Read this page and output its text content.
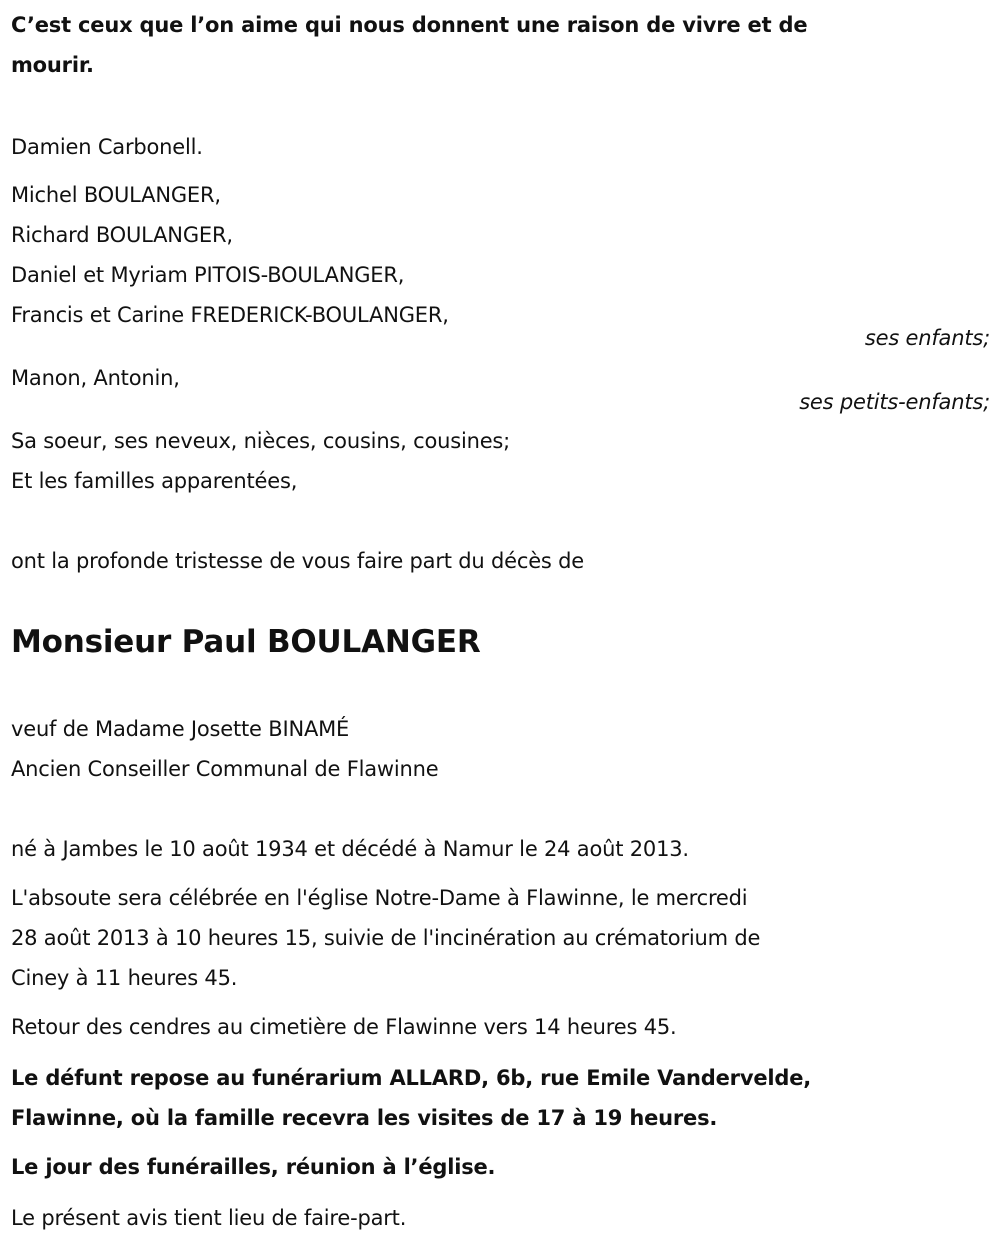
C’est ceux que l’on aime qui nous donnent une raison de vivre et de
mourir.
Damien Carbonell.
Michel BOULANGER,
Richard BOULANGER,
Daniel et Myriam PITOIS-BOULANGER,
Francis et Carine FREDERICK-BOULANGER,
ses enfants;
Manon, Antonin,
ses petits-enfants;
Sa soeur, ses neveux, nièces, cousins, cousines;
Et les familles apparentées,
ont la profonde tristesse de vous faire part du décès de
Monsieur Paul BOULANGER
veuf de Madame Josette BINAMÉ
Ancien Conseiller Communal de Flawinne
né à Jambes le 10 août 1934 et décédé à Namur le 24 août 2013.
L'absoute sera célébrée en l'église Notre-Dame à Flawinne, le mercredi
28 août 2013 à 10 heures 15, suivie de l'incinération au crématorium de
Ciney à 11 heures 45.
Retour des cendres au cimetière de Flawinne vers 14 heures 45.
Le défunt repose au funérarium ALLARD, 6b, rue Emile Vandervelde,
Flawinne, où la famille recevra les visites de 17 à 19 heures.
Le jour des funérailles, réunion à l’église.
Le présent avis tient lieu de faire-part.
